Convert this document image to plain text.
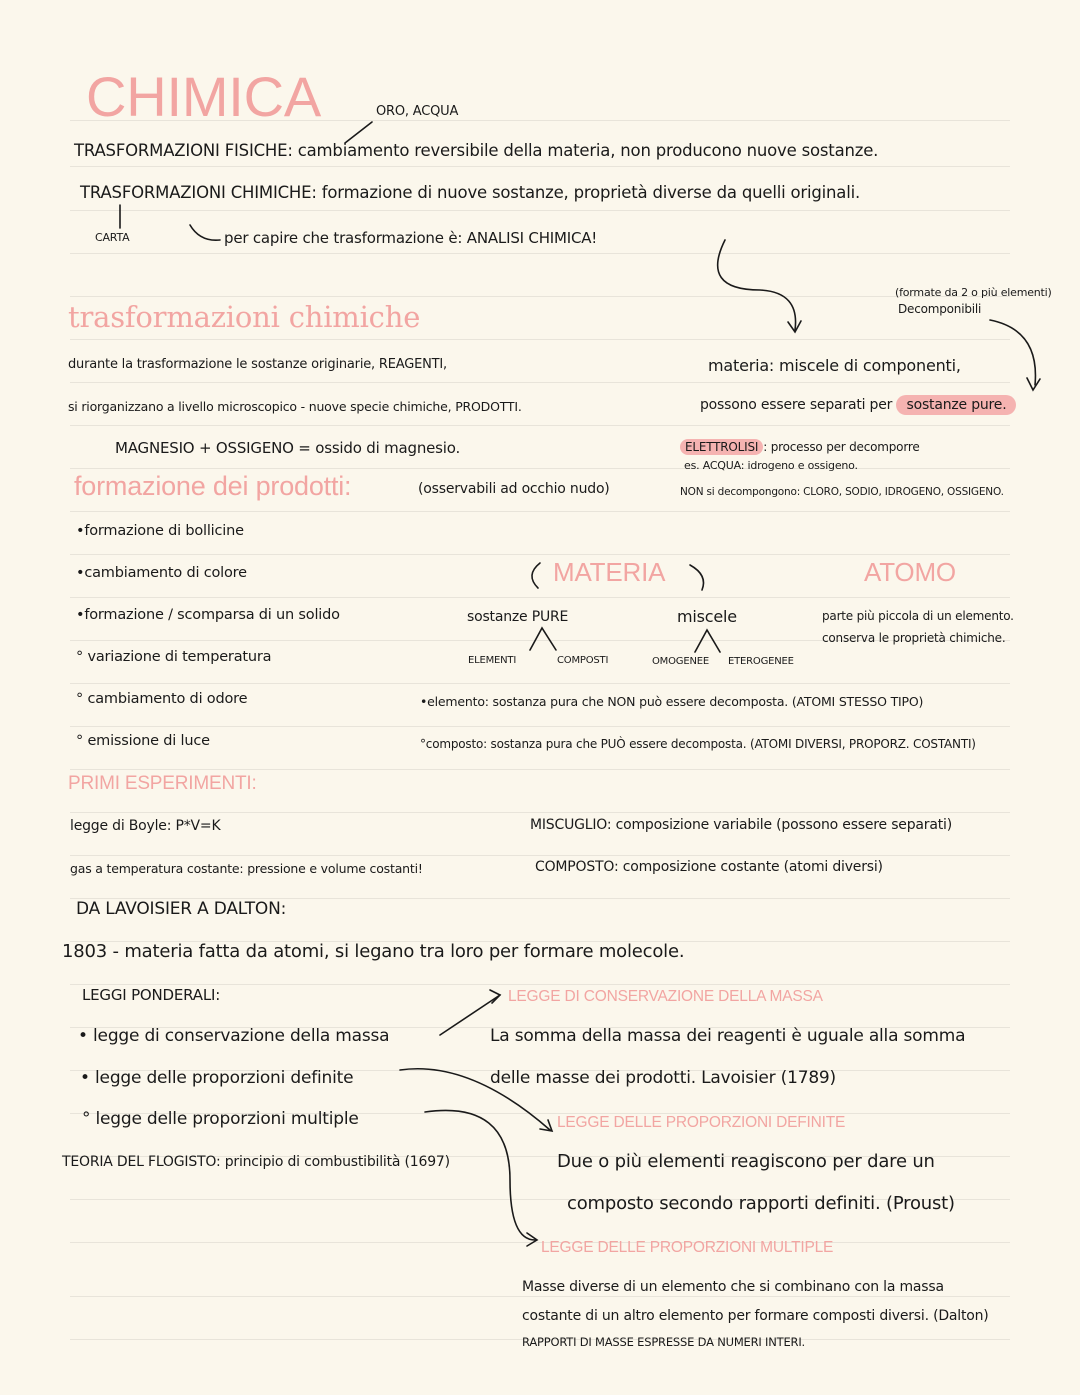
CHIMICA	ORO, ACQUA
TRASFORMAZIONI FISICHE: cambiamento reversibile della materia, non producono nuove sostanze.
TRASFORMAZIONI CHIMICHE: formazione di nuove sostanze, proprietà diverse da quelli originali.
CARTA	per capire che trasformazione è: ANALISI CHIMICA!
trasformazioni chimiche
durante la trasformazione le sostanze originarie, REAGENTI,
si riorganizzano a livello microscopico - nuove specie chimiche, PRODOTTI.
MAGNESIO + OSSIGENO = ossido di magnesio.
(formate da 2 o più elementi)
Decomponibili
materia: miscele di componenti,
possono essere separati per sostanze pure.
ELETTROLISI : processo per decomporre
es. ACQUA: idrogeno e ossigeno.
NON si decompongono: CLORO, SODIO, IDROGENO, OSSIGENO.
formazione dei prodotti:	(osservabili ad occhio nudo)
•formazione di bollicine
•cambiamento di colore
•formazione / scomparsa di un solido
° variazione di temperatura
° cambiamento di odore
° emissione di luce
MATERIA
sostanze PURE	miscele
ELEMENTI	COMPOSTI	OMOGENEE ETEROGENEE
ATOMO
parte più piccola di un elemento.
conserva le proprietà chimiche.
•elemento: sostanza pura che NON può essere decomposta. (ATOMI STESSO TIPO)
°composto: sostanza pura che PUÒ essere decomposta. (ATOMI DIVERSI, PROPORZ. COSTANTI)
PRIMI ESPERIMENTI:
legge di Boyle: P*V=K
gas a temperatura costante: pressione e volume costanti!
MISCUGLIO: composizione variabile (possono essere separati)
COMPOSTO: composizione costante (atomi diversi)
DA LAVOISIER A DALTON:
1803 - materia fatta da atomi, si legano tra loro per formare molecole.
LEGGI PONDERALI:
• legge di conservazione della massa
• legge delle proporzioni definite
° legge delle proporzioni multiple
TEORIA DEL FLOGISTO: principio di combustibilità (1697)
LEGGE DI CONSERVAZIONE DELLA MASSA
La somma della massa dei reagenti è uguale alla somma
delle masse dei prodotti. Lavoisier (1789)
LEGGE DELLE PROPORZIONI DEFINITE
Due o più elementi reagiscono per dare un
composto secondo rapporti definiti. (Proust)
LEGGE DELLE PROPORZIONI MULTIPLE
Masse diverse di un elemento che si combinano con la massa
costante di un altro elemento per formare composti diversi. (Dalton)
RAPPORTI DI MASSE ESPRESSE DA NUMERI INTERI.
